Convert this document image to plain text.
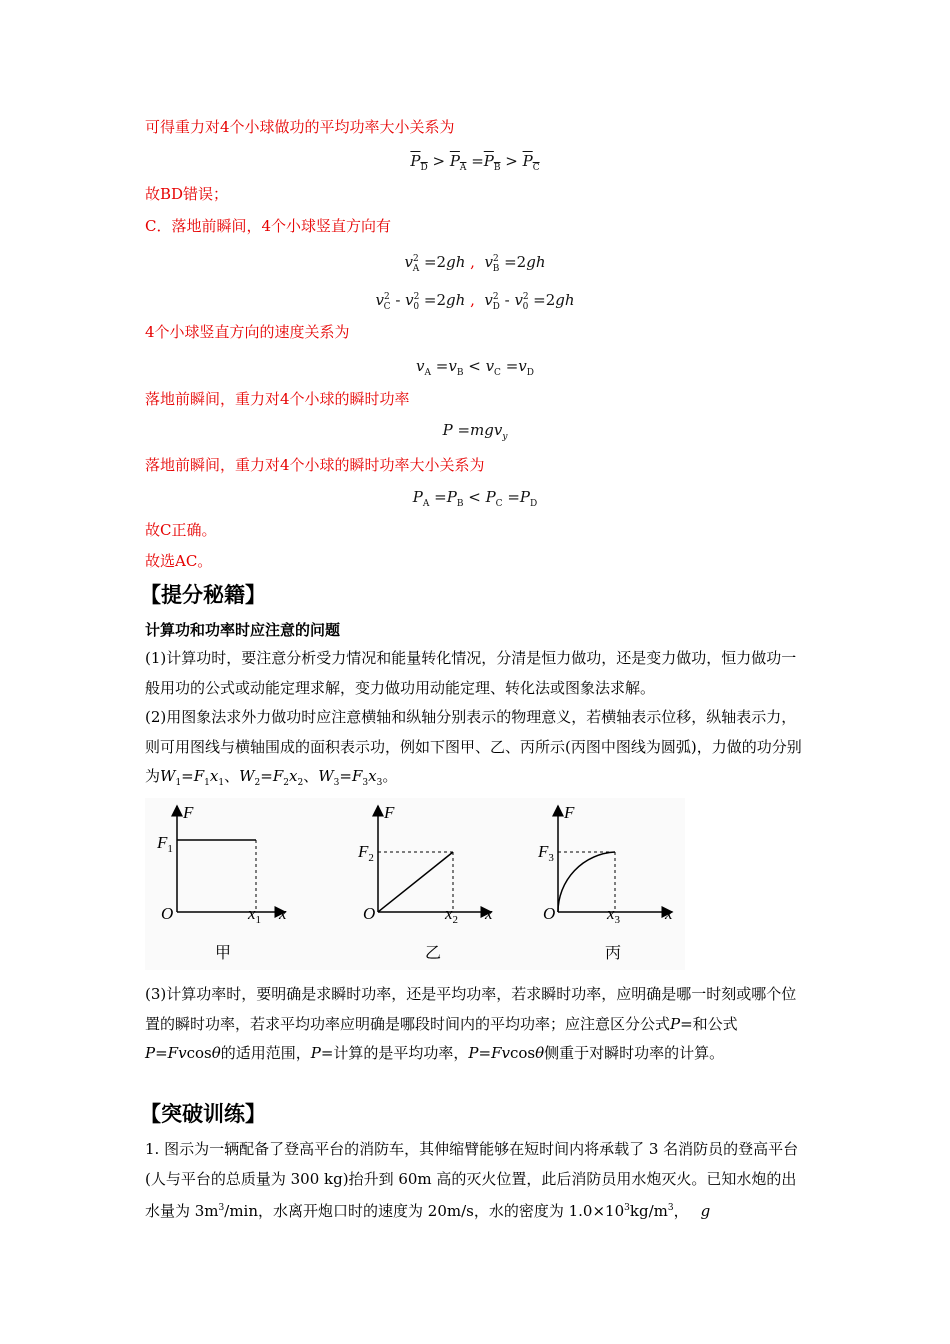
可得重力对4个小球做功的平均功率大小关系为
$P_D > P_A =P_B > P_C$
故BD错误；
C．落地前瞬间，4个小球竖直方向有
$v^2_A =2gh$ , $v^2_B =2gh$
$v^2_C - v^2_0 =2gh$ , $v^2_D - v^2_0 =2gh$
4个小球竖直方向的速度关系为
$v_A =v_B < v_C =v_D$
落地前瞬间，重力对4个小球的瞬时功率
P =mgv$_y$
落地前瞬间，重力对4个小球的瞬时功率大小关系为
$P_A =P_B < P_C =P_D$
故C正确。
故选AC。
【提分秘籍】
计算功和功率时应注意的问题
(1)计算功时，要注意分析受力情况和能量转化情况，分清是恒力做功，还是变力做功，恒力做功一般用功的公式或动能定理求解，变力做功用动能定理、转化法或图象法求解。
(2)用图象法求外力做功时应注意横轴和纵轴分别表示的物理意义，若横轴表示位移，纵轴表示力，则可用图线与横轴围成的面积表示功，例如下图甲、乙、丙所示(丙图中图线为圆弧)，力做的功分别为$W_1=F_1x_1$、$W_2=F_2x_2$、$W_3=F_3x_3$。
F
$F_1$
O	$x_1$ x
甲
F
$F_2$
O	$x_2$ x
乙
F
$F_3$
O	$x_3$	x
丙
(3)计算功率时，要明确是求瞬时功率，还是平均功率，若求瞬时功率，应明确是哪一时刻或哪个位置的瞬时功率，若求平均功率应明确是哪段时间内的平均功率；应注意区分公式P=和公式P=Fvcosθ的适用范围，P=计算的是平均功率，P=Fvcosθ侧重于对瞬时功率的计算。
【突破训练】
1. 图示为一辆配备了登高平台的消防车，其伸缩臂能够在短时间内将承载了 3 名消防员的登高平台(人与平台的总质量为 300 kg)抬升到 60m 高的灭火位置，此后消防员用水炮灭火。已知水炮的出水量为 $3m^3/\min$，水离开炮口时的速度为 20m/s，水的密度为 $1.0\times 10^3kg/m^3$， g
